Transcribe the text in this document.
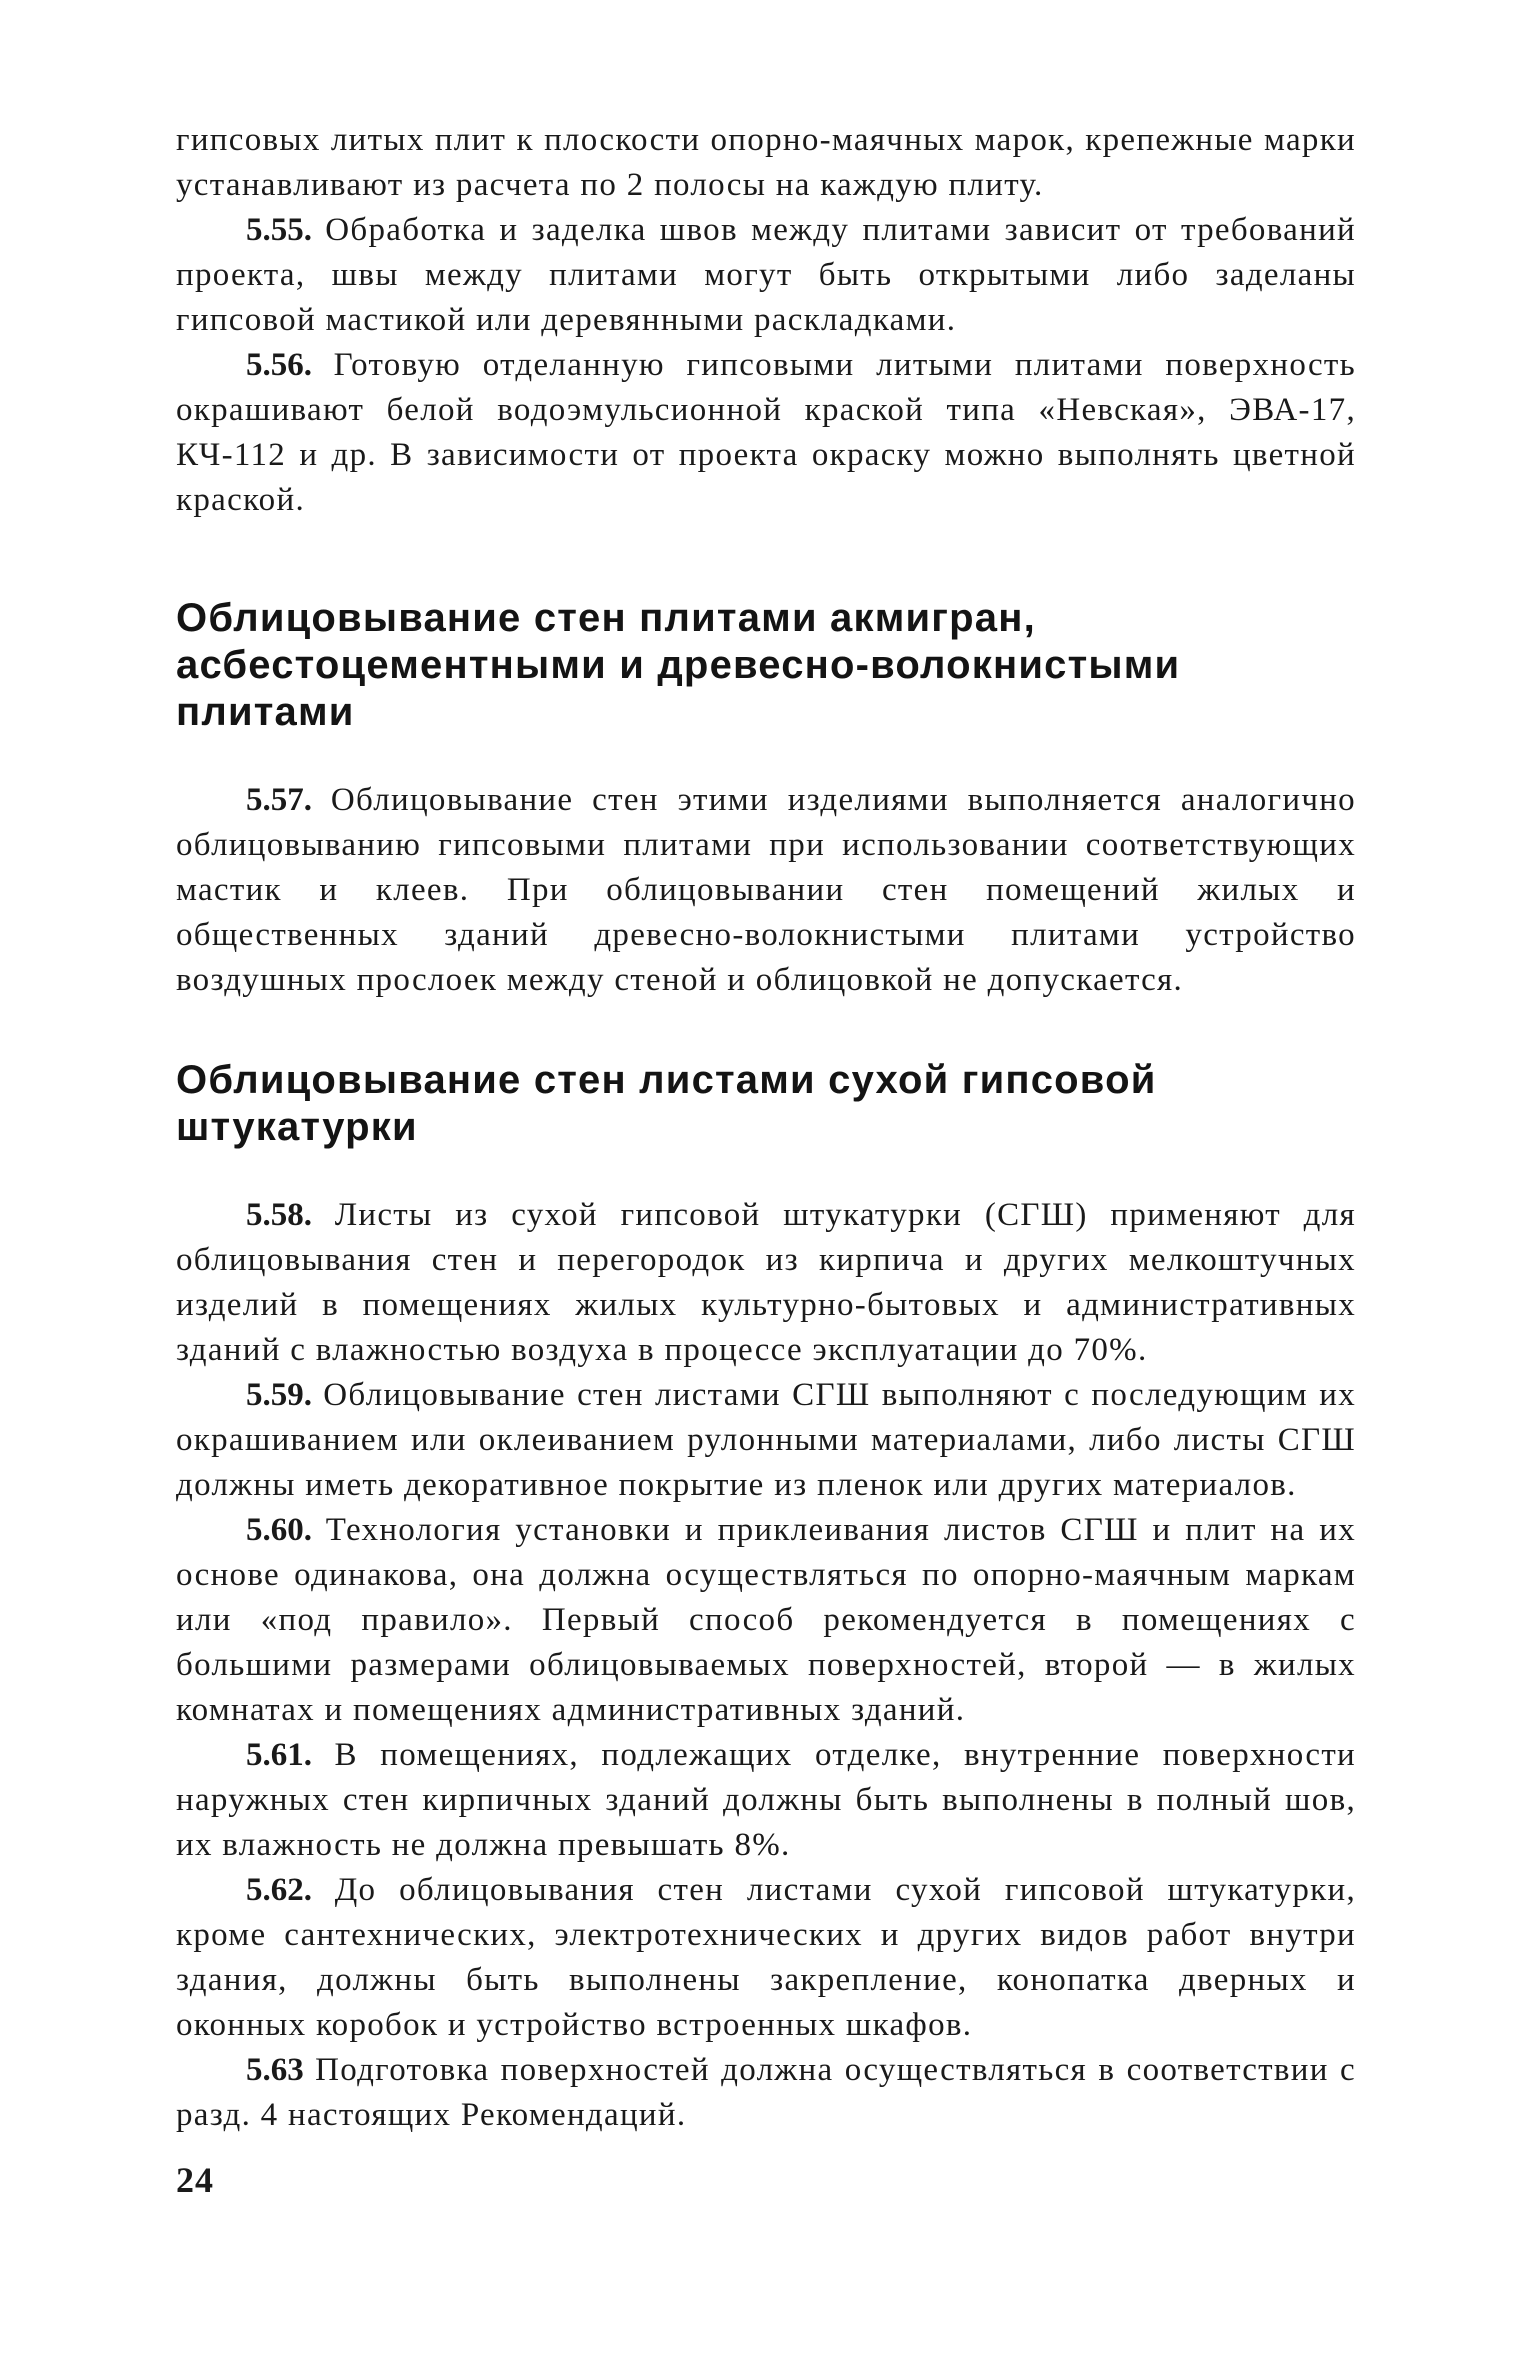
гипсовых литых плит к плоскости опорно-маячных марок, крепежные марки устанавливают из расчета по 2 полосы на каждую плиту.

5.55. Обработка и заделка швов между плитами зависит от требований проекта, швы между плитами могут быть открытыми либо заделаны гипсовой мастикой или деревянными раскладками.

5.56. Готовую отделанную гипсовыми литыми плитами поверхность окрашивают белой водоэмульсионной краской типа «Невская», ЭВА-17, КЧ-112 и др. В зависимости от проекта окраску можно выполнять цветной краской.

Облицовывание стен плитами акмигран, асбестоцементными и древесно-волокнистыми плитами

5.57. Облицовывание стен этими изделиями выполняется аналогично облицовыванию гипсовыми плитами при использовании соответствующих мастик и клеев. При облицовывании стен помещений жилых и общественных зданий древесно-волокнистыми плитами устройство воздушных прослоек между стеной и облицовкой не допускается.

Облицовывание стен листами сухой гипсовой штукатурки

5.58. Листы из сухой гипсовой штукатурки (СГШ) применяют для облицовывания стен и перегородок из кирпича и других мелкоштучных изделий в помещениях жилых культурно-бытовых и административных зданий с влажностью воздуха в процессе эксплуатации до 70%.

5.59. Облицовывание стен листами СГШ выполняют с последующим их окрашиванием или оклеиванием рулонными материалами, либо листы СГШ должны иметь декоративное покрытие из пленок или других материалов.

5.60. Технология установки и приклеивания листов СГШ и плит на их основе одинакова, она должна осуществляться по опорно-маячным маркам или «под правило». Первый способ рекомендуется в помещениях с большими размерами облицовываемых поверхностей, второй — в жилых комнатах и помещениях административных зданий.

5.61. В помещениях, подлежащих отделке, внутренние поверхности наружных стен кирпичных зданий должны быть выполнены в полный шов, их влажность не должна превышать 8%.

5.62. До облицовывания стен листами сухой гипсовой штукатурки, кроме сантехнических, электротехнических и других видов работ внутри здания, должны быть выполнены закрепление, конопатка дверных и оконных коробок и устройство встроенных шкафов.

5.63 Подготовка поверхностей должна осуществляться в соответствии с разд. 4 настоящих Рекомендаций.

24
